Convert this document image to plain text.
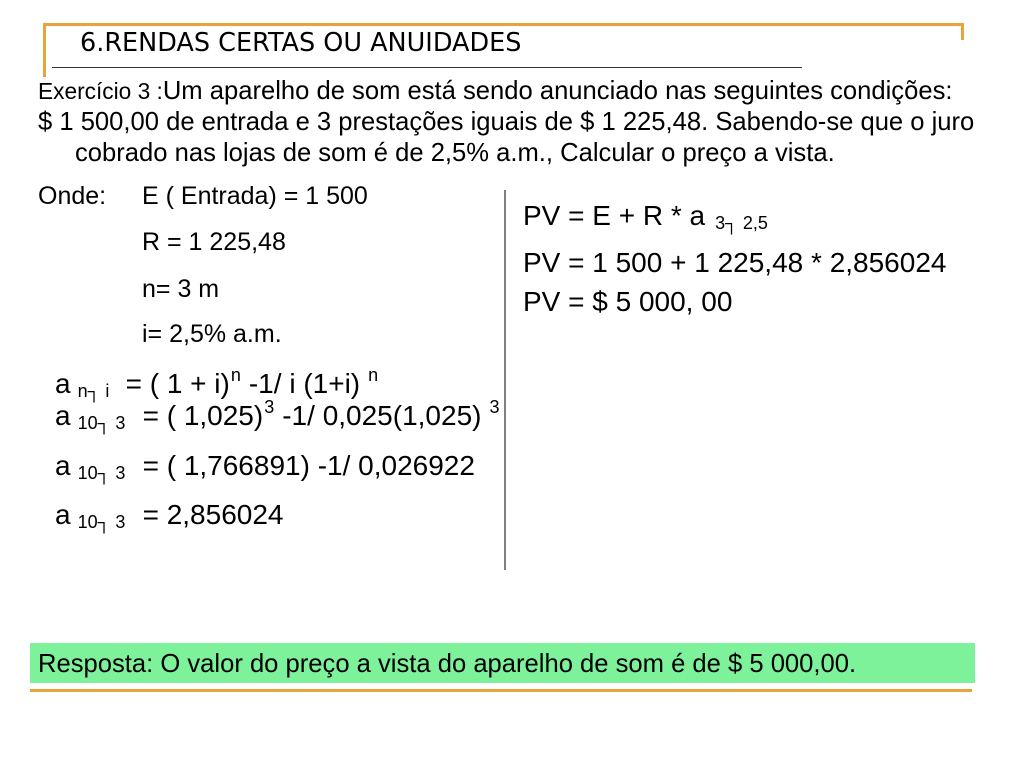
6.RENDAS CERTAS OU ANUIDADES
Exercício 3 :Um aparelho de som está sendo anunciado nas seguintes condições:
$ 1 500,00 de entrada e 3 prestações iguais de $ 1 225,48. Sabendo-se que o juro
cobrado nas lojas de som é de 2,5% a.m., Calcular o preço a vista.
Onde: E ( Entrada) = 1 500
R = 1 225,48
n= 3 m
i= 2,5% a.m.
a n┐ i = ( 1 + i)$^n$ -1/ i (1+i) $^n$
a 10┐ 3 = ( 1,025)$^3$ -1/ 0,025(1,025) $^3$
a 10┐ 3 = ( 1,766891) -1/ 0,026922
a 10┐ 3 = 2,856024
PV = E + R * a 3┐ 2,5
PV = 1 500 + 1 225,48 * 2,856024
PV = $ 5 000, 00
Resposta: O valor do preço a vista do aparelho de som é de $ 5 000,00.
